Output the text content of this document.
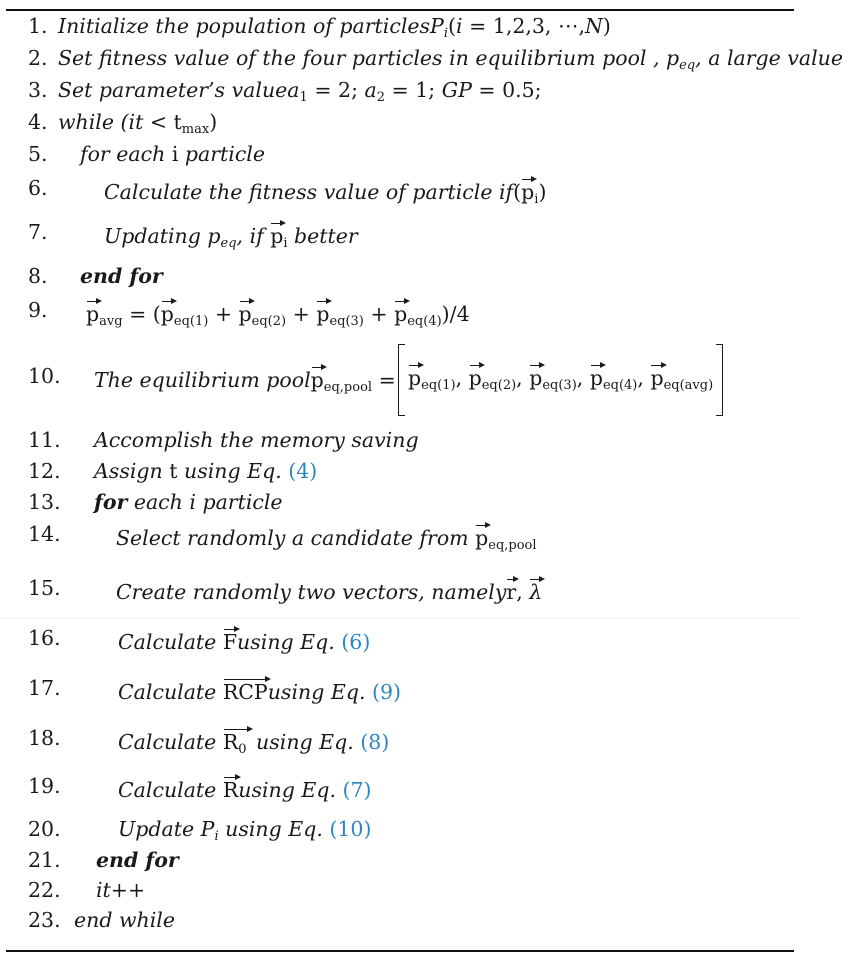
1. Initialize the population of particlesP$_i$(i = 1,2,3, ⋯,N)
2. Set fitness value of the four particles in equilibrium pool , $p_{eq}$, a large value
3. Set parameter’s valuea$_1$ = 2; $a_2 = 1$; GP = 0.5;
4. while $(it < t_{max})$
5. for each i particle
6.	Calculate the fitness value of particle $if(p_i)$
7.	Updating $p_{eq}$, if $p_i$ better
8. end for
9. $p_{avg} = (p_{eq(1)} + p_{eq(2)} + p_{eq(3)} + p_{eq(4)})/4$
10. The equilibrium poolp$_{eq,pool}$ = $p_{eq(1)}$, $p_{eq(2)}$, $p_{eq(3)}$, $p_{eq(4)}$, $p_{eq(avg)}$
11. Accomplish the memory saving
12. Assign t using Eq. (4)
13. for each i particle
14.	Select randomly a candidate from $p_{eq,pool}$
15.	Create randomly two vectors, namelyr, λ
16.	Calculate Fusing Eq. (6)
17.	Calculate RCPusing Eq. (9)
18.	Calculate $R_0$ using Eq. (8)
19.	Calculate Rusing Eq. (7)
20.	Update $P_i$ using Eq. (10)
21. end for
22. it++
23. end while
